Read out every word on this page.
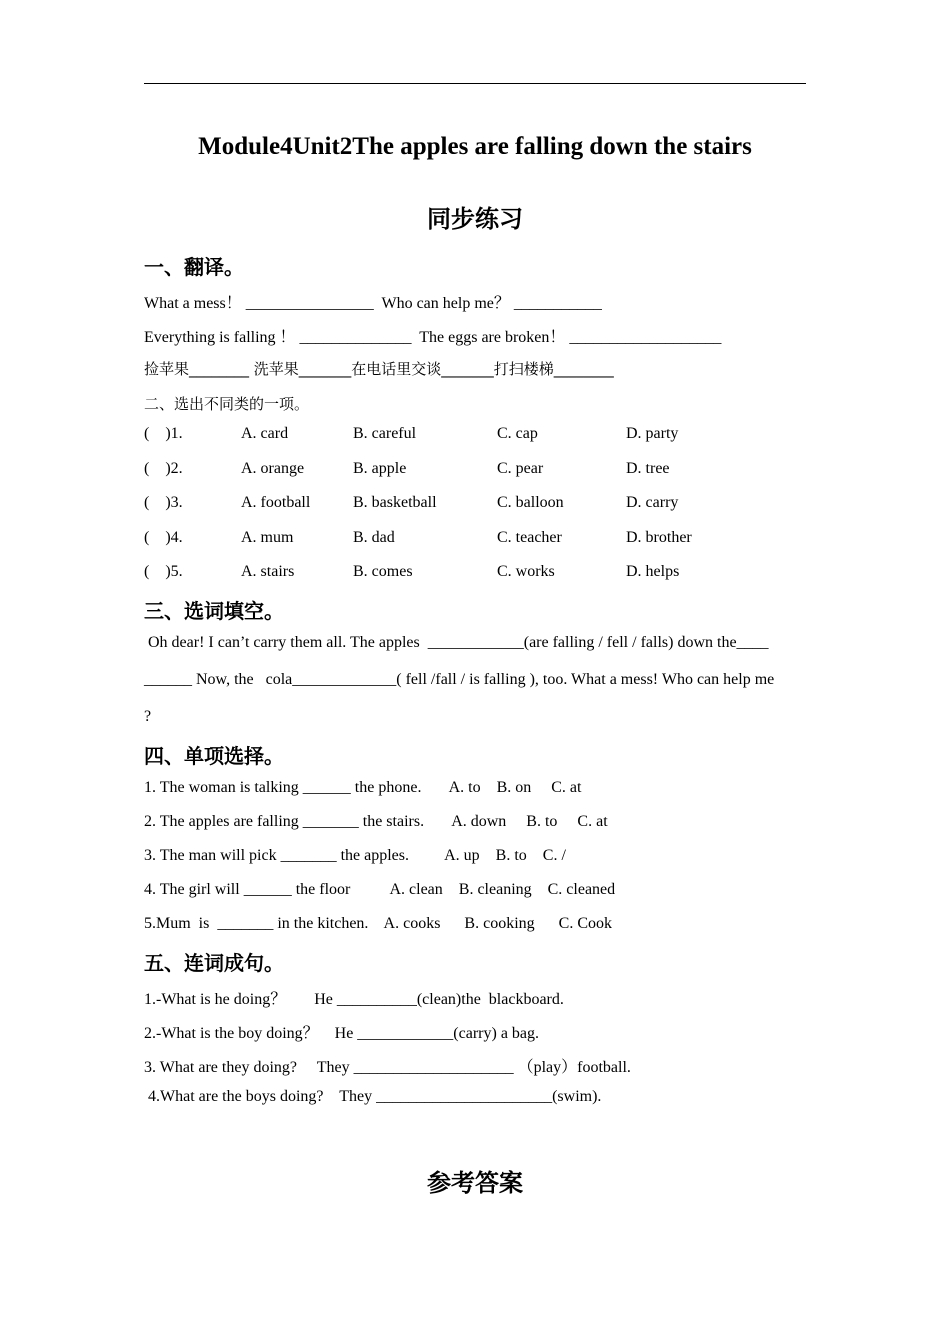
Module4Unit2The apples are falling down the stairs
同步练习
一、翻译。
What a mess！ ________________  Who can help me？ ___________
Everything is falling ！ ______________  The eggs are broken！ ___________________
捡苹果________ 洗苹果_______在电话里交谈_______打扫楼梯________
二、选出不同类的一项。
(    )1.	A. card	B. careful	C. cap	D. party
(    )2.	A. orange	B. apple	C. pear	D. tree
(    )3.	A. football	B. basketball	C. balloon	D. carry
(    )4.	A. mum	B. dad	C. teacher	D. brother
(    )5.	A. stairs	B. comes	C. works	D. helps
三、选词填空。
Oh dear! I can’t carry them all. The apples  ____________(are falling / fell / falls) down the____
______ Now, the   cola_____________( fell /fall / is falling ), too. What a mess! Who can help me
?
四、单项选择。
1. The woman is talking ______ the phone.       A. to    B. on     C. at
2. The apples are falling _______ the stairs.       A. down     B. to     C. at
3. The man will pick _______ the apples.         A. up    B. to    C. /
4. The girl will ______ the floor          A. clean    B. cleaning    C. cleaned
5.Mum  is  _______ in the kitchen.    A. cooks      B. cooking      C. Cook
五、连词成句。
1.-What is he doing？       He __________(clean)the  blackboard.
2.-What is the boy doing？    He ____________(carry) a bag.
3. What are they doing?     They ____________________ （play）football.
4.What are the boys doing?    They ______________________(swim).
参考答案
